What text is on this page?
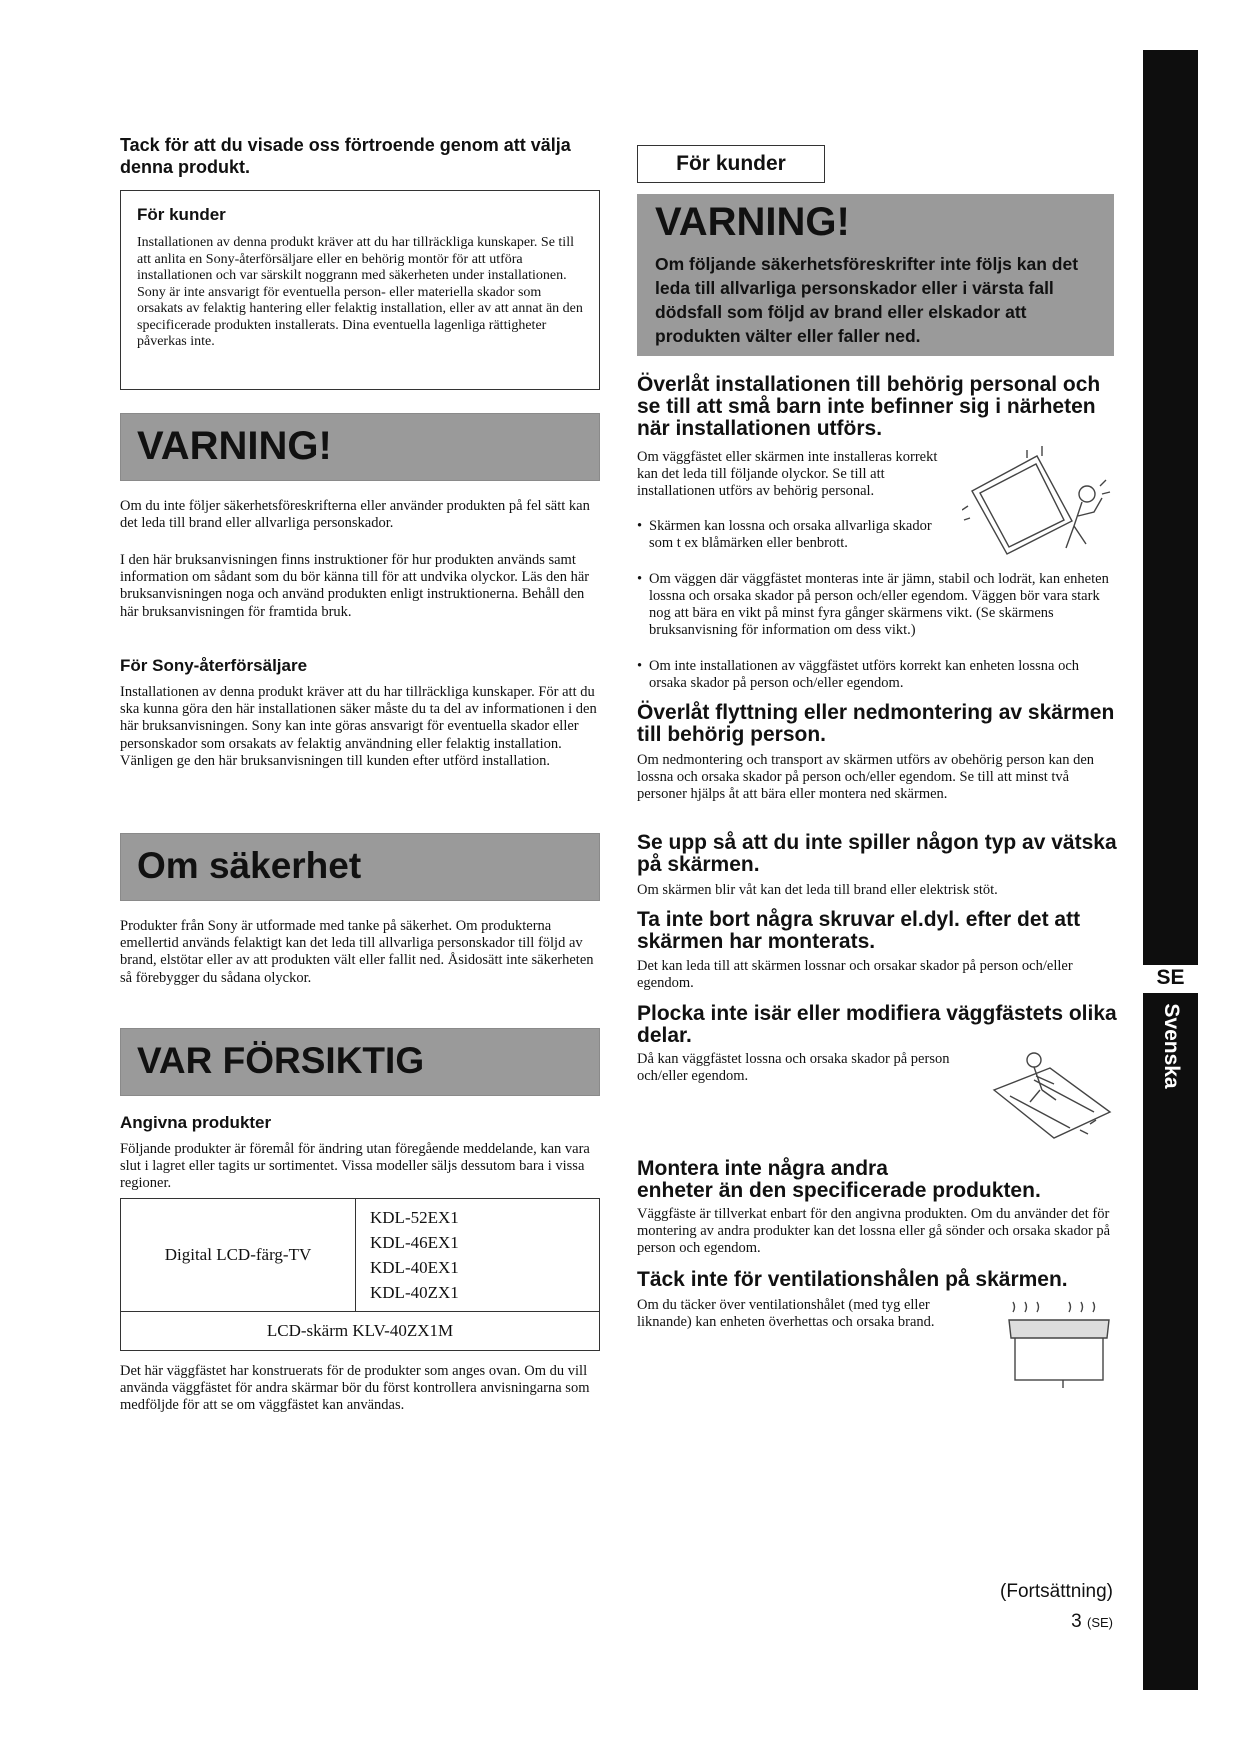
Tack för att du visade oss förtroende genom att välja denna produkt.
För kunder
Installationen av denna produkt kräver att du har tillräckliga kunskaper. Se till att anlita en Sony-återförsäljare eller en behörig montör för att utföra installationen och var särskilt noggrann med säkerheten under installationen. Sony är inte ansvarigt för eventuella person- eller materiella skador som orsakats av felaktig hantering eller felaktig installation, eller av att annat än den specificerade produkten installerats. Dina eventuella lagenliga rättigheter påverkas inte.
VARNING!
Om du inte följer säkerhetsföreskrifterna eller använder produkten på fel sätt kan det leda till brand eller allvarliga personskador.
I den här bruksanvisningen finns instruktioner för hur produkten används samt information om sådant som du bör känna till för att undvika olyckor. Läs den här bruksanvisningen noga och använd produkten enligt instruktionerna. Behåll den här bruksanvisningen för framtida bruk.
För Sony-återförsäljare
Installationen av denna produkt kräver att du har tillräckliga kunskaper. För att du ska kunna göra den här installationen säker måste du ta del av informationen i den här bruksanvisningen. Sony kan inte göras ansvarigt för eventuella skador eller personskador som orsakats av felaktig användning eller felaktig installation. Vänligen ge den här bruksanvisningen till kunden efter utförd installation.
Om säkerhet
Produkter från Sony är utformade med tanke på säkerhet. Om produkterna emellertid används felaktigt kan det leda till allvarliga personskador till följd av brand, elstötar eller av att produkten vält eller fallit ned. Åsidosätt inte säkerheten så förebygger du sådana olyckor.
VAR FÖRSIKTIG
Angivna produkter
Följande produkter är föremål för ändring utan föregående meddelande, kan vara slut i lagret eller tagits ur sortimentet. Vissa modeller säljs dessutom bara i vissa regioner.
Digital LCD-färg-TV	
KDL-52EX1
KDL-46EX1
KDL-40EX1
KDL-40ZX1

LCD-skärm KLV-40ZX1M
Det här väggfästet har konstruerats för de produkter som anges ovan. Om du vill använda väggfästet för andra skärmar bör du först kontrollera anvisningarna som medföljde för att se om väggfästet kan användas.
För kunder
VARNING!
Om följande säkerhetsföreskrifter inte följs kan det leda till allvarliga personskador eller i värsta fall dödsfall som följd av brand eller elskador att produkten välter eller faller ned.
Överlåt installationen till behörig personal och se till att små barn inte befinner sig i närheten när installationen utförs.
Om väggfästet eller skärmen inte installeras korrekt kan det leda till följande olyckor. Se till att installationen utförs av behörig personal.
• Skärmen kan lossna och orsaka allvarliga skador som t ex blåmärken eller benbrott.
• Om väggen där väggfästet monteras inte är jämn, stabil och lodrät, kan enheten lossna och orsaka skador på person och/eller egendom. Väggen bör vara stark nog att bära en vikt på minst fyra gånger skärmens vikt. (Se skärmens bruksanvisning för information om dess vikt.)
• Om inte installationen av väggfästet utförs korrekt kan enheten lossna och orsaka skador på person och/eller egendom.
Överlåt flyttning eller nedmontering av skärmen till behörig person.
Om nedmontering och transport av skärmen utförs av obehörig person kan den lossna och orsaka skador på person och/eller egendom. Se till att minst två personer hjälps åt att bära eller montera ned skärmen.
Se upp så att du inte spiller någon typ av vätska på skärmen.
Om skärmen blir våt kan det leda till brand eller elektrisk stöt.
Ta inte bort några skruvar el.dyl. efter det att skärmen har monterats.
Det kan leda till att skärmen lossnar och orsakar skador på person och/eller egendom.
Plocka inte isär eller modifiera väggfästets olika delar.
Då kan väggfästet lossna och orsaka skador på person och/eller egendom.
Montera inte några andra
enheter än den specificerade produkten.
Väggfäste är tillverkat enbart för den angivna produkten. Om du använder det för montering av andra produkter kan det lossna eller gå sönder och orsaka skador på person och egendom.
Täck inte för ventilationshålen på skärmen.
Om du täcker över ventilationshålet (med tyg eller liknande) kan enheten överhettas och orsaka brand.
SE
Svenska
(Fortsättning)
3 (SE)
